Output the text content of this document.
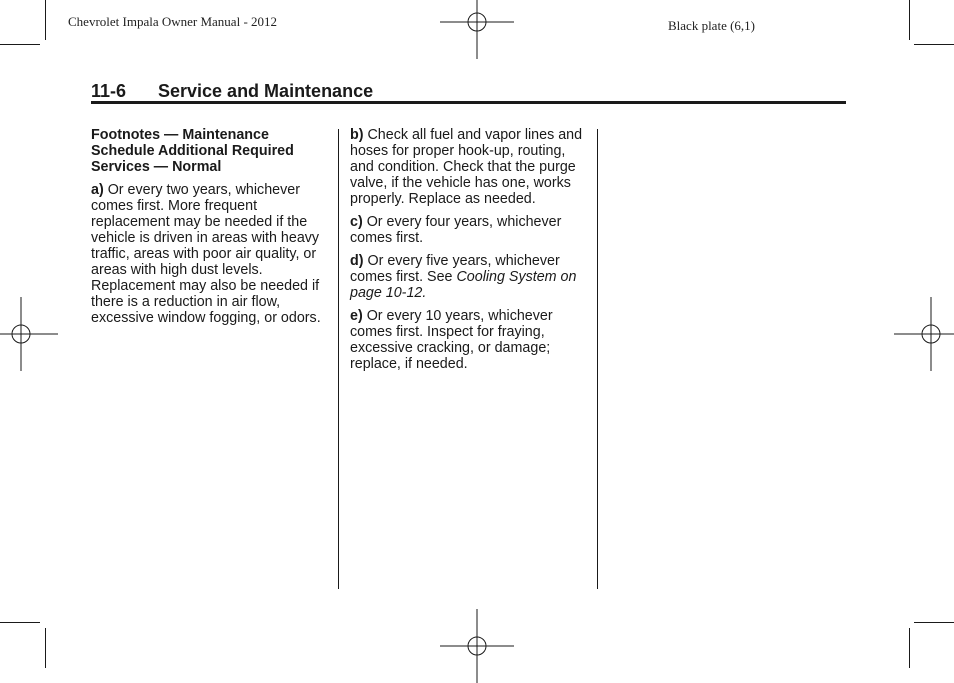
Chevrolet Impala Owner Manual - 2012	Black plate (6,1)
11-6 Service and Maintenance

Footnotes — Maintenance Schedule Additional Required Services — Normal

a) Or every two years, whichever comes first. More frequent replacement may be needed if the vehicle is driven in areas with heavy traffic, areas with poor air quality, or areas with high dust levels. Replacement may also be needed if there is a reduction in air flow, excessive window fogging, or odors.

b) Check all fuel and vapor lines and hoses for proper hook-up, routing, and condition. Check that the purge valve, if the vehicle has one, works properly. Replace as needed.

c) Or every four years, whichever comes first.

d) Or every five years, whichever comes first. See Cooling System on page 10-12.

e) Or every 10 years, whichever comes first. Inspect for fraying, excessive cracking, or damage; replace, if needed.
